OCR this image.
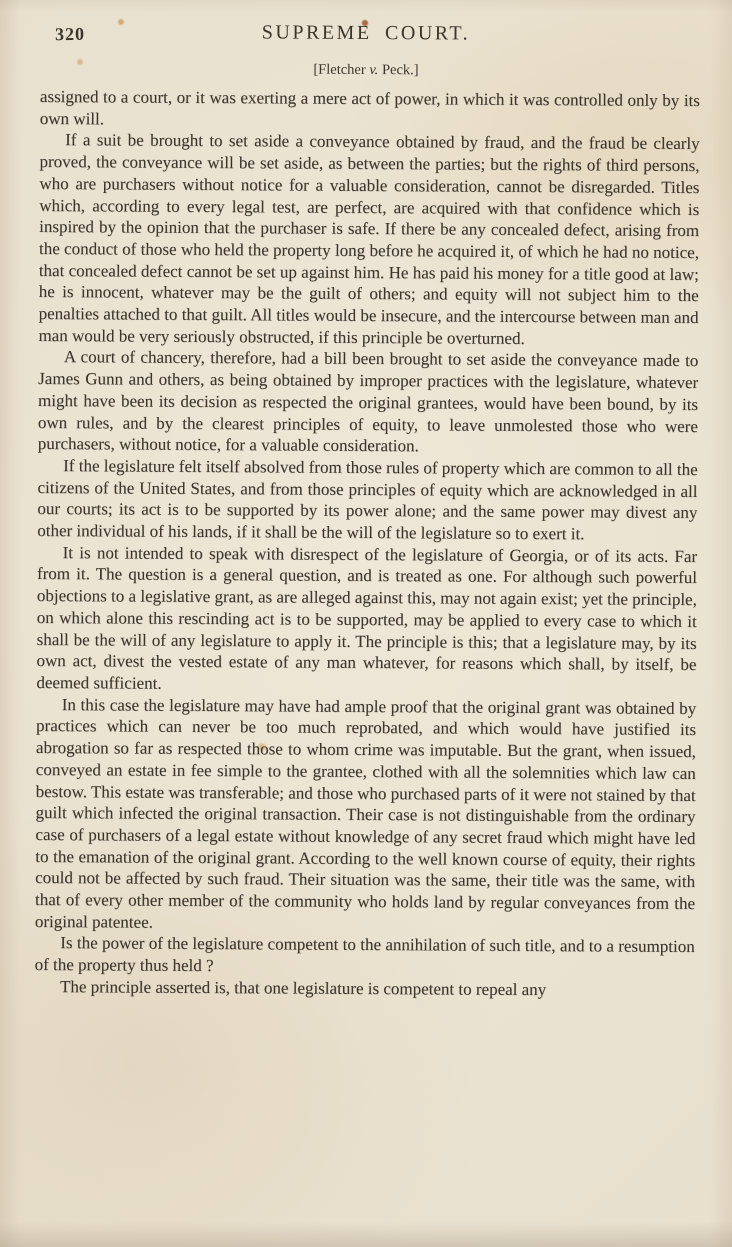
320	SUPREME COURT.
[Fletcher v. Peck.]

assigned to a court, or it was exerting a mere act of power, in which it was controlled only by its own will.

If a suit be brought to set aside a conveyance obtained by fraud, and the fraud be clearly proved, the conveyance will be set aside, as between the parties; but the rights of third persons, who are purchasers without notice for a valuable consideration, cannot be disregarded. Titles which, according to every legal test, are perfect, are acquired with that confidence which is inspired by the opinion that the purchaser is safe. If there be any concealed defect, arising from the conduct of those who held the property long before he acquired it, of which he had no notice, that concealed defect cannot be set up against him. He has paid his money for a title good at law; he is innocent, whatever may be the guilt of others; and equity will not subject him to the penalties attached to that guilt. All titles would be insecure, and the intercourse between man and man would be very seriously obstructed, if this principle be overturned.

A court of chancery, therefore, had a bill been brought to set aside the conveyance made to James Gunn and others, as being obtained by improper practices with the legislature, whatever might have been its decision as respected the original grantees, would have been bound, by its own rules, and by the clearest principles of equity, to leave unmolested those who were purchasers, without notice, for a valuable consideration.

If the legislature felt itself absolved from those rules of property which are common to all the citizens of the United States, and from those principles of equity which are acknowledged in all our courts; its act is to be supported by its power alone; and the same power may divest any other individual of his lands, if it shall be the will of the legislature so to exert it.

It is not intended to speak with disrespect of the legislature of Georgia, or of its acts. Far from it. The question is a general question, and is treated as one. For although such powerful objections to a legislative grant, as are alleged against this, may not again exist; yet the principle, on which alone this rescinding act is to be supported, may be applied to every case to which it shall be the will of any legislature to apply it. The principle is this; that a legislature may, by its own act, divest the vested estate of any man whatever, for reasons which shall, by itself, be deemed sufficient.

In this case the legislature may have had ample proof that the original grant was obtained by practices which can never be too much reprobated, and which would have justified its abrogation so far as respected those to whom crime was imputable. But the grant, when issued, conveyed an estate in fee simple to the grantee, clothed with all the solemnities which law can bestow. This estate was transferable; and those who purchased parts of it were not stained by that guilt which infected the original transaction. Their case is not distinguishable from the ordinary case of purchasers of a legal estate without knowledge of any secret fraud which might have led to the emanation of the original grant. According to the well known course of equity, their rights could not be affected by such fraud. Their situation was the same, their title was the same, with that of every other member of the community who holds land by regular conveyances from the original patentee.

Is the power of the legislature competent to the annihilation of such title, and to a resumption of the property thus held ?

The principle asserted is, that one legislature is competent to repeal any
